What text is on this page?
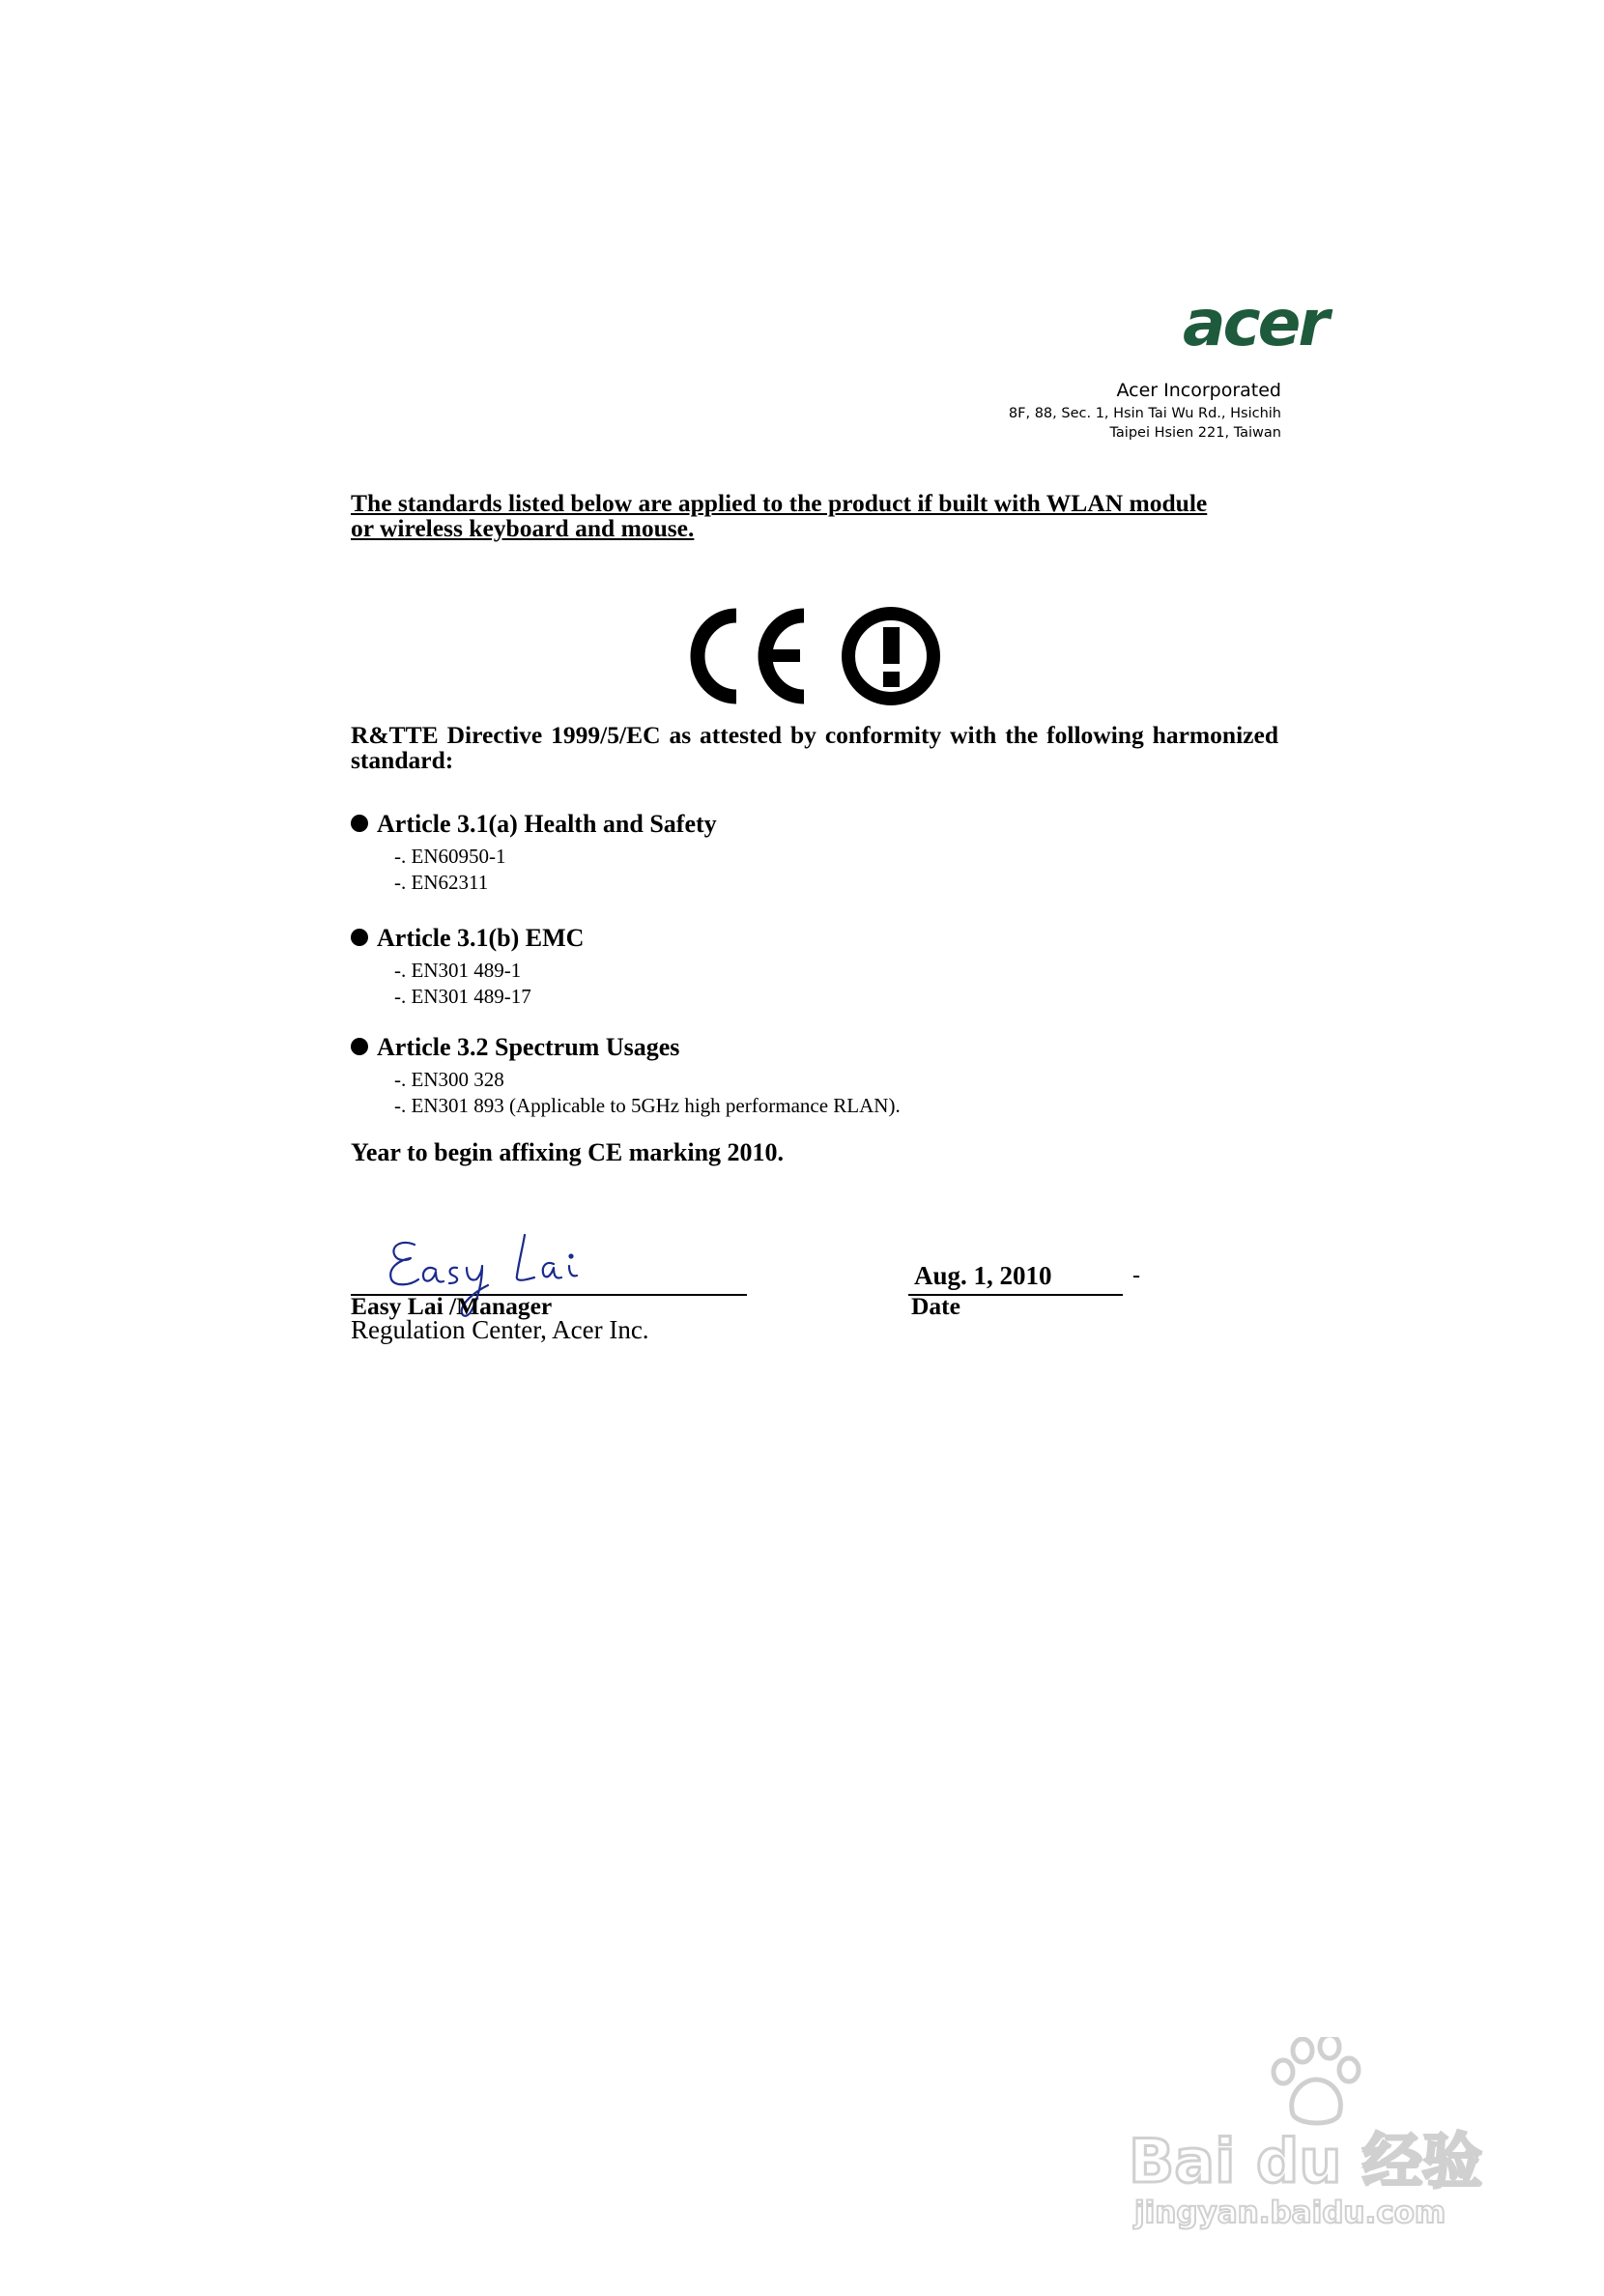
acer
Acer Incorporated
8F, 88, Sec. 1, Hsin Tai Wu Rd., Hsichih
Taipei Hsien 221, Taiwan
The standards listed below are applied to the product if built with WLAN module or wireless keyboard and mouse.
R&TTE Directive 1999/5/EC as attested by conformity with the following harmonized standard:
Article 3.1(a) Health and Safety
-. EN60950-1
-. EN62311
Article 3.1(b) EMC
-. EN301 489-1
-. EN301 489-17
Article 3.2 Spectrum Usages
-. EN300 328
-. EN301 893 (Applicable to 5GHz high performance RLAN).
Year to begin affixing CE marking 2010.
Easy Lai /Manager
Regulation Center, Acer Inc.
Aug. 1, 2010	-
Date
Bai du 经验
jingyan.baidu.com
